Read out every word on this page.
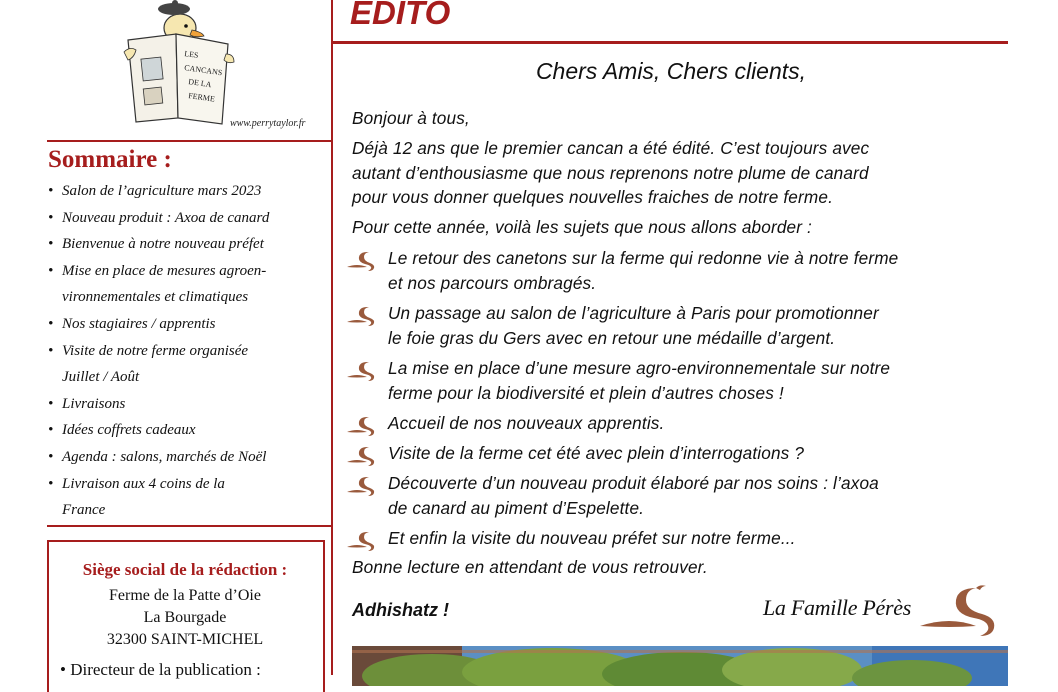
LES
CANCANS
DE LA
FERME
www.perrytaylor.fr
Sommaire :
• Salon de l’agriculture mars 2023
• Nouveau produit : Axoa de canard
• Bienvenue à notre nouveau préfet
• Mise en place de mesures agroen-
vironnementales et climatiques
• Nos stagiaires / apprentis
• Visite de notre ferme organisée
Juillet / Août
• Livraisons
• Idées coffrets cadeaux
• Agenda : salons, marchés de Noël
• Livraison aux 4 coins de la
France
Siège social de la rédaction :
Ferme de la Patte d’Oie
La Bourgade
32300 SAINT-MICHEL
• Directeur de la publication :
EDITO
Chers Amis, Chers clients,

Bonjour à tous,

Déjà 12 ans que le premier cancan a été édité. C’est toujours avec

autant d’enthousiasme que nous reprenons notre plume de canard

pour vous donner quelques nouvelles fraiches de notre ferme.

Pour cette année, voilà les sujets que nous allons aborder :

Le retour des canetons sur la ferme qui redonne vie à notre ferme
et nos parcours ombragés.
Un passage au salon de l’agriculture à Paris pour promotionner
le foie gras du Gers avec en retour une médaille d’argent.
La mise en place d’une mesure agro-environnementale sur notre
ferme pour la biodiversité et plein d’autres choses !
Accueil de nos nouveaux apprentis.
Visite de la ferme cet été avec plein d’interrogations ?
Découverte d’un nouveau produit élaboré par nos soins : l’axoa
de canard au piment d’Espelette.
Et enfin la visite du nouveau préfet sur notre ferme...

Bonne lecture en attendant de vous retrouver.

Adhishatz !	La Famille Pérès
